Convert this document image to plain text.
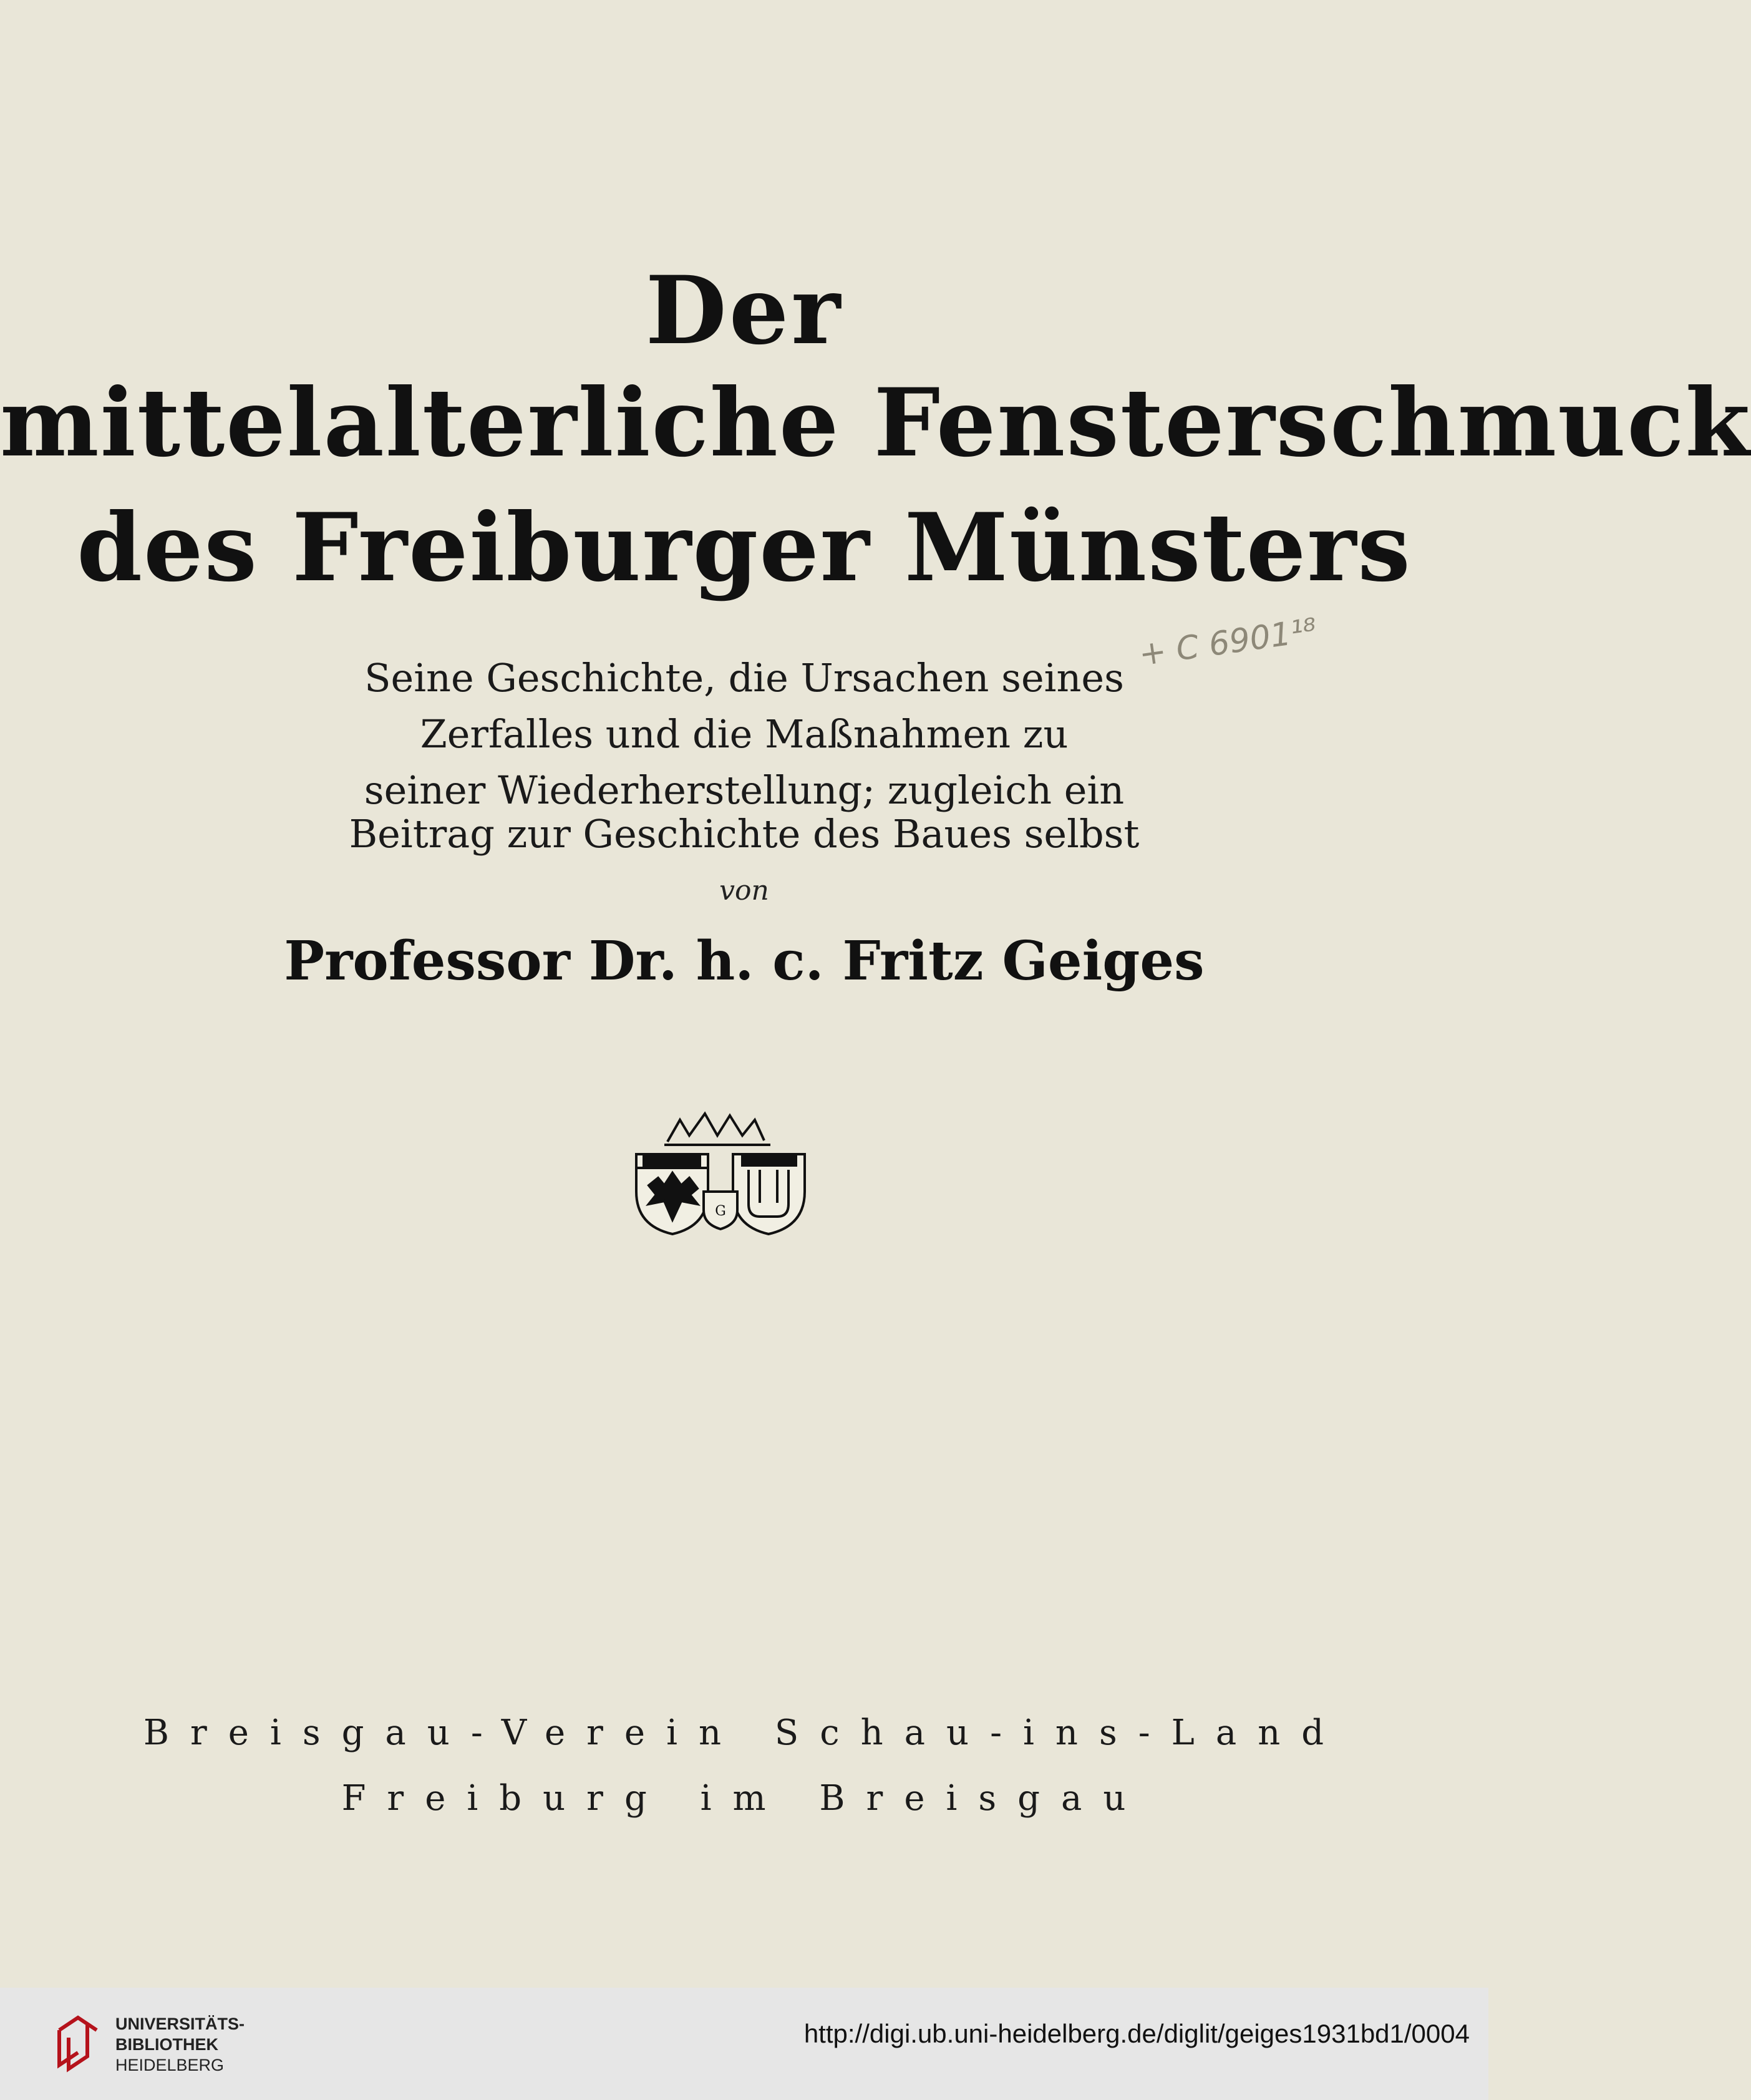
Der
mittelalterliche Fensterschmuck
des Freiburger Münsters
+ C 6901¹⁸
Seine Geschichte, die Ursachen seines
Zerfalles und die Maßnahmen zu
seiner Wiederherstellung; zugleich ein
Beitrag zur Geschichte des Baues selbst
von
Professor Dr. h. c. Fritz Geiges
G
Breisgau-Verein Schau-ins-Land
Freiburg im Breisgau
UNIVERSITÄTS-
BIBLIOTHEK
HEIDELBERG
http://digi.ub.uni-heidelberg.de/diglit/geiges1931bd1/0004
